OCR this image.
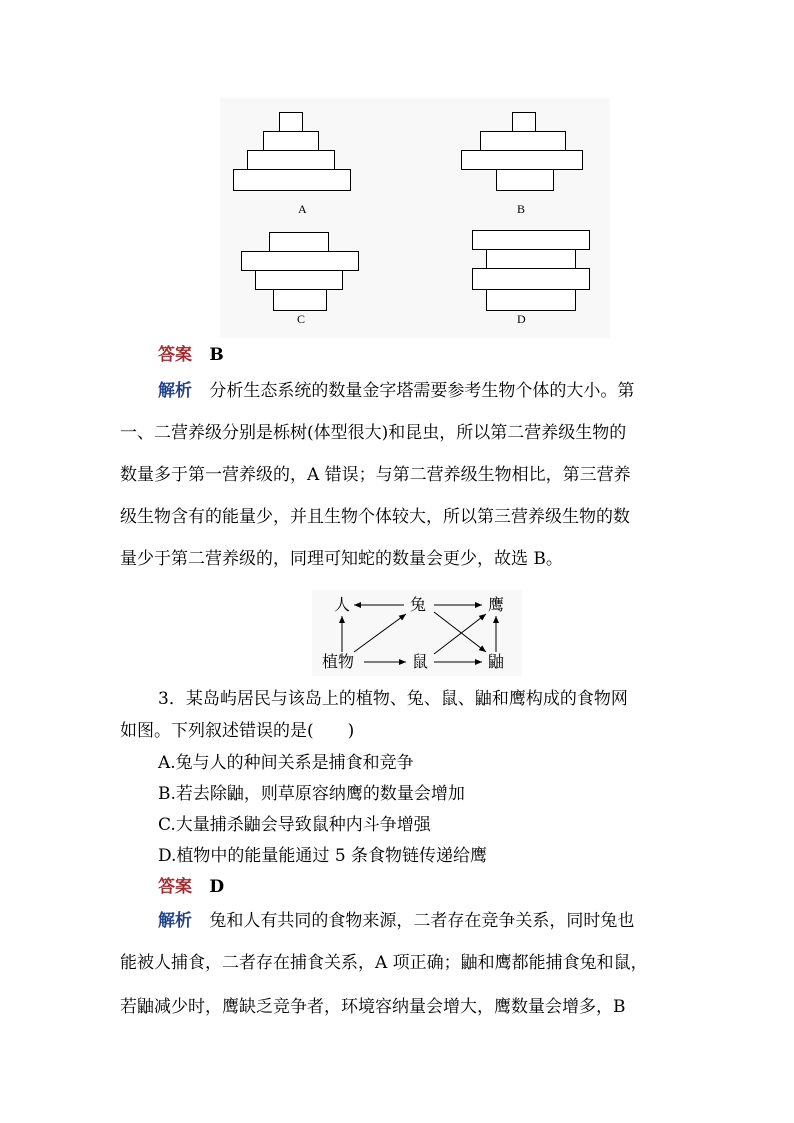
A	B
C	D
答案 B
解析 分析生态系统的数量金字塔需要参考生物个体的大小。第
一、二营养级分别是栎树(体型很大)和昆虫，所以第二营养级生物的
数量多于第一营养级的，A 错误；与第二营养级生物相比，第三营养
级生物含有的能量少，并且生物个体较大，所以第三营养级生物的数
量少于第二营养级的，同理可知蛇的数量会更少，故选 B。
人	兔	鹰
植物	鼠	鼬
3．某岛屿居民与该岛上的植物、兔、鼠、鼬和鹰构成的食物网
如图。下列叙述错误的是(　　)
A.兔与人的种间关系是捕食和竞争
B.若去除鼬，则草原容纳鹰的数量会增加
C.大量捕杀鼬会导致鼠种内斗争增强
D.植物中的能量能通过 5 条食物链传递给鹰
答案 D
解析 兔和人有共同的食物来源，二者存在竞争关系，同时兔也
能被人捕食，二者存在捕食关系，A 项正确；鼬和鹰都能捕食兔和鼠，
若鼬减少时，鹰缺乏竞争者，环境容纳量会增大，鹰数量会增多，B
